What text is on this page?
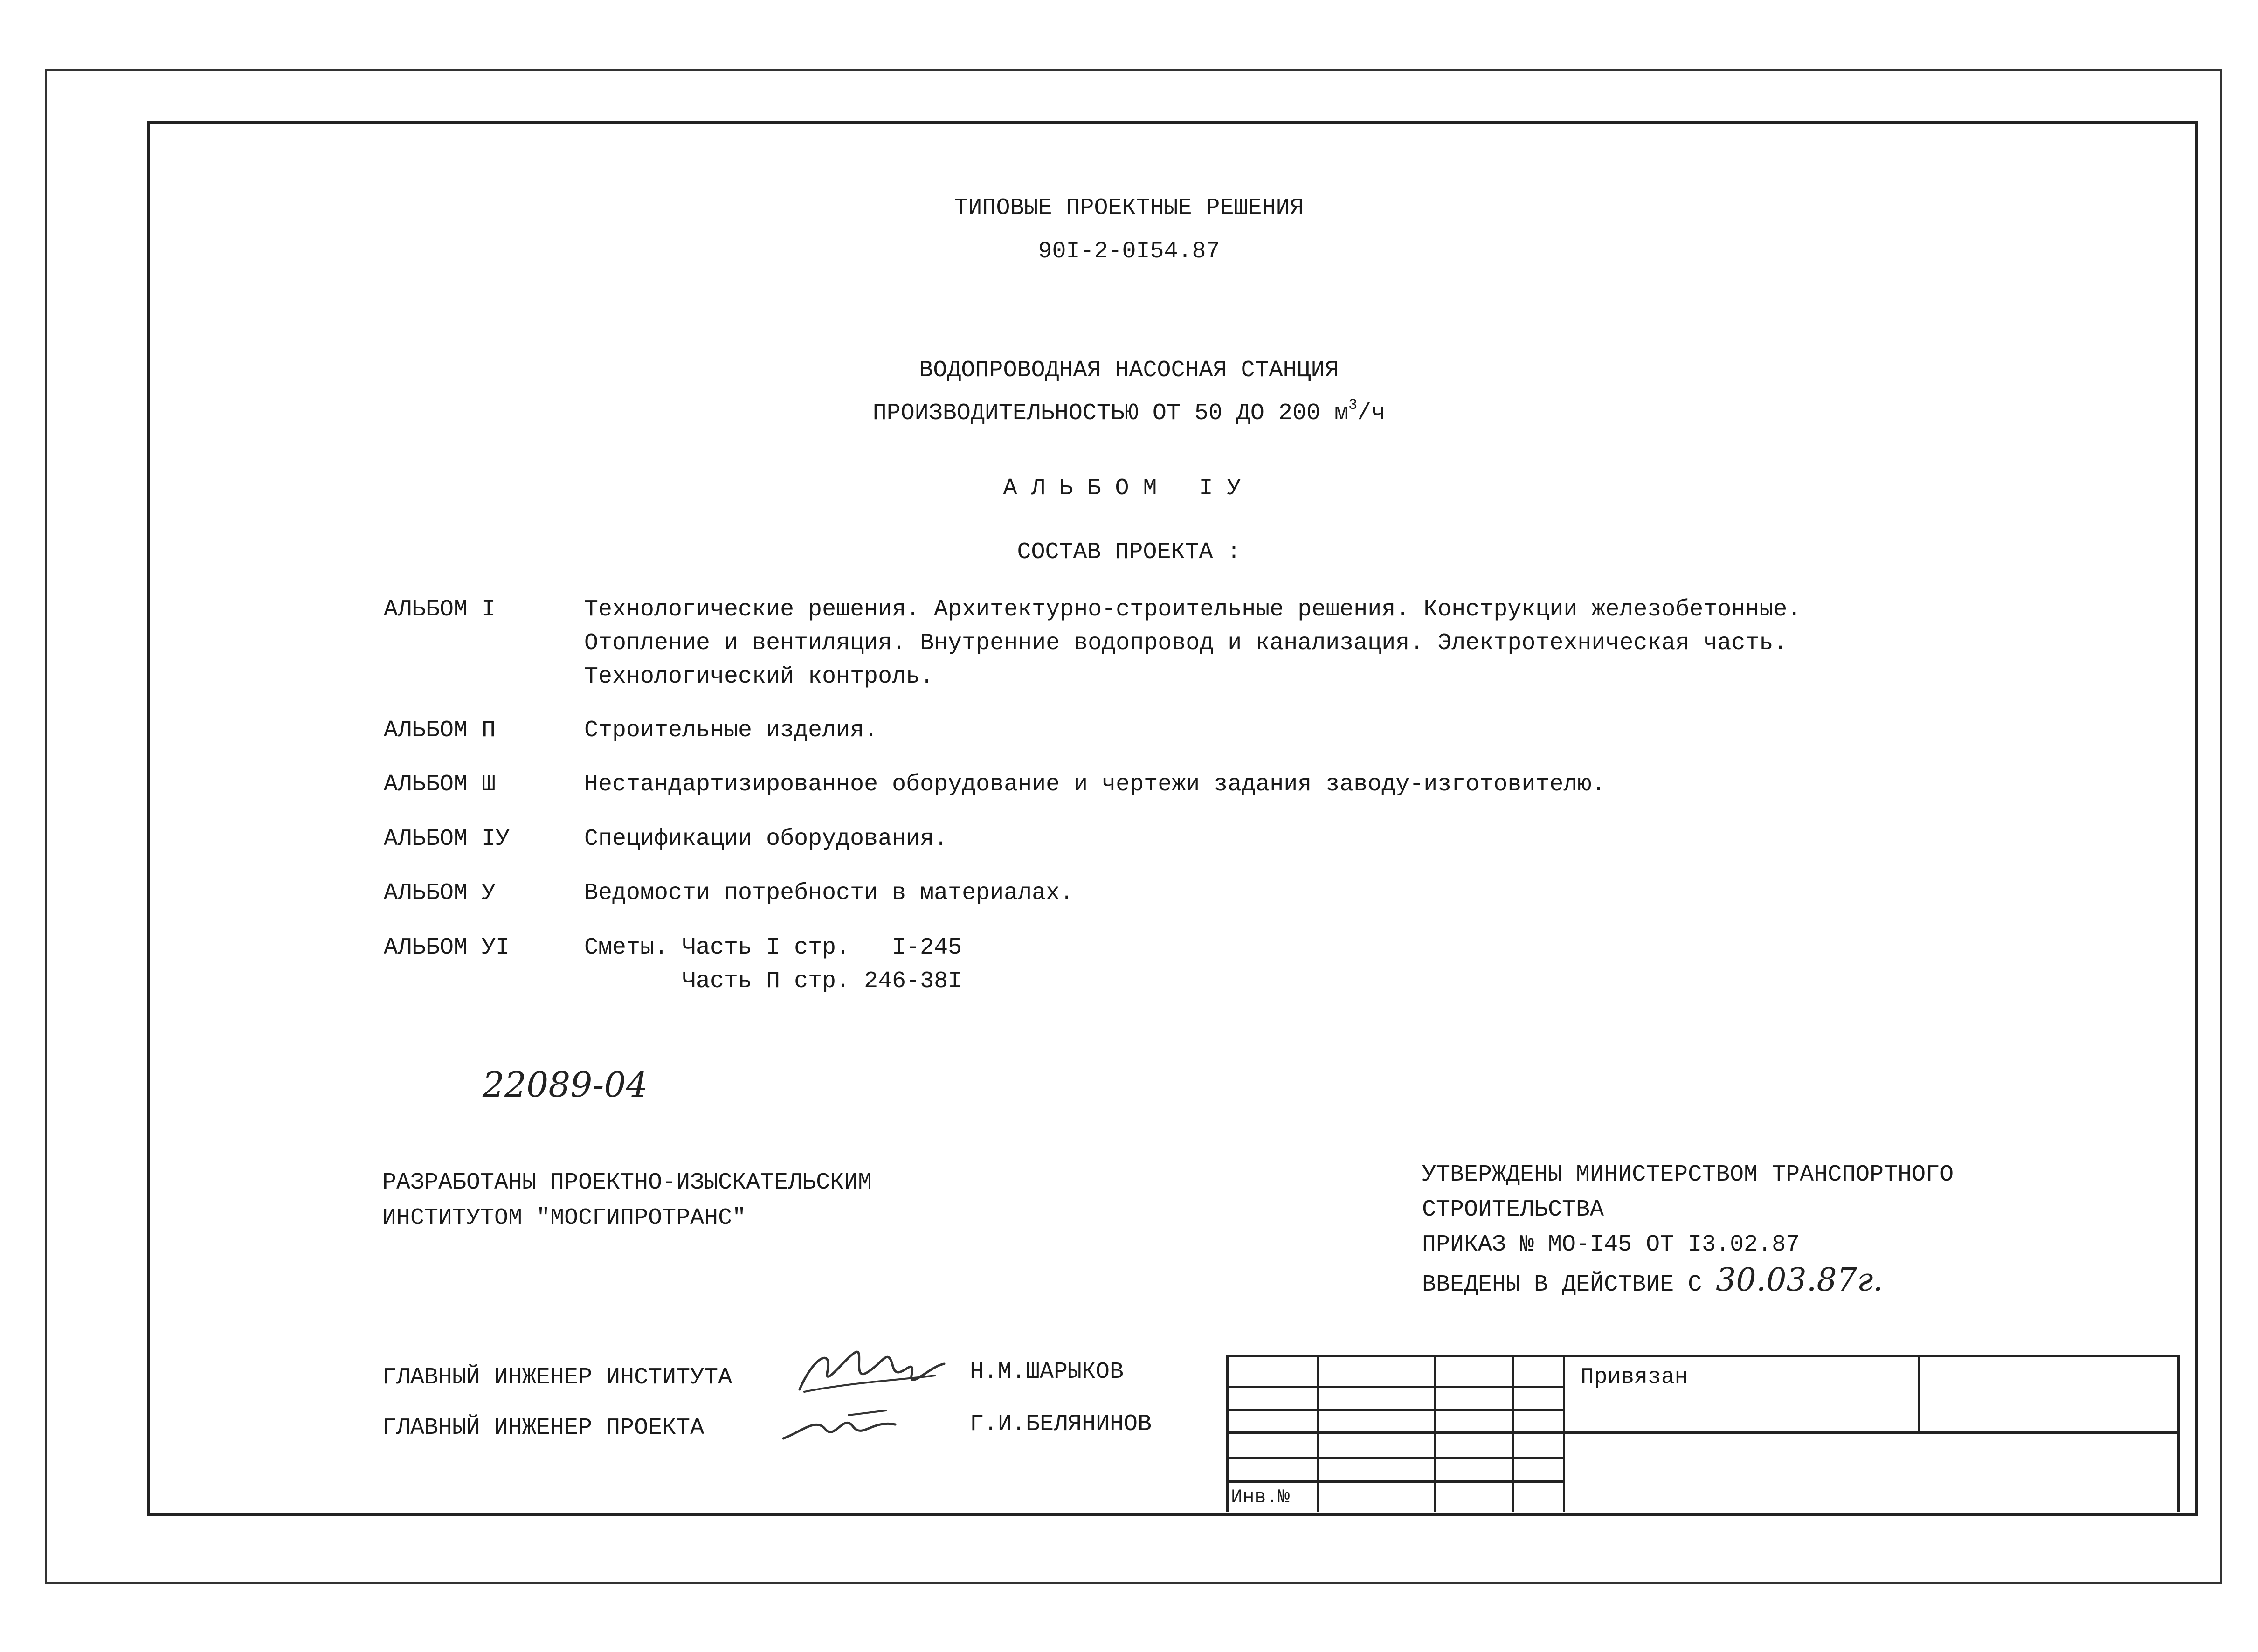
ТИПОВЫЕ ПРОЕКТНЫЕ РЕШЕНИЯ
90I-2-0I54.87
ВОДОПРОВОДНАЯ НАСОСНАЯ СТАНЦИЯ
ПРОИЗВОДИТЕЛЬНОСТЬЮ ОТ 50 ДО 200 $м^3/ч$
АЛЬБОМ IУ
СОСТАВ ПРОЕКТА :
АЛЬБОМ I	Технологические решения. Архитектурно-строительные решения. Конструкции железобетонные.
Отопление и вентиляция. Внутренние водопровод и канализация. Электротехническая часть.
Технологический контроль.
АЛЬБОМ П	Строительные изделия.
АЛЬБОМ Ш	Нестандартизированное оборудование и чертежи задания заводу-изготовителю.
АЛЬБОМ IУ	Спецификации оборудования.
АЛЬБОМ У	Ведомости потребности в материалах.
АЛЬБОМ УI	Сметы. Часть I стр.   I-245
Часть П стр. 246-38I
22089-04
РАЗРАБОТАНЫ ПРОЕКТНО-ИЗЫСКАТЕЛЬСКИМ
ИНСТИТУТОМ "МОСГИПРОТРАНС"
УТВЕРЖДЕНЫ МИНИСТЕРСТВОМ ТРАНСПОРТНОГО
СТРОИТЕЛЬСТВА
ПРИКАЗ № МО-I45 ОТ I3.02.87
ВВЕДЕНЫ В ДЕЙСТВИЕ С 30.03.87г.
ГЛАВНЫЙ ИНЖЕНЕР ИНСТИТУТА	Н.М.ШАРЫКОВ
ГЛАВНЫЙ ИНЖЕНЕР ПРОЕКТА	Г.И.БЕЛЯНИНОВ
Привязан
Инв.№
